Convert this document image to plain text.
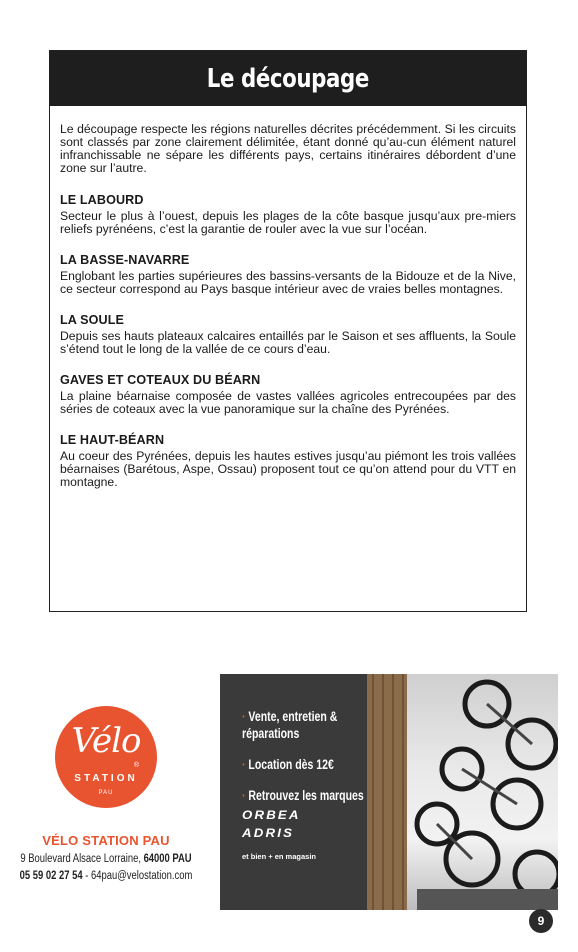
Le découpage

Le découpage respecte les régions naturelles décrites précédemment. Si les circuits sont classés par zone clairement délimitée, étant donné qu’au-cun élément naturel infranchissable ne sépare les différents pays, certains itinéraires débordent d’une zone sur l’autre.

LE LABOURD

Secteur le plus à l’ouest, depuis les plages de la côte basque jusqu’aux pre-miers reliefs pyrénéens, c’est la garantie de rouler avec la vue sur l’océan.

LA BASSE-NAVARRE

Englobant les parties supérieures des bassins-versants de la Bidouze et de la Nive, ce secteur correspond au Pays basque intérieur avec de vraies belles montagnes.

LA SOULE

Depuis ses hauts plateaux calcaires entaillés par le Saison et ses affluents, la Soule s’étend tout le long de la vallée de ce cours d’eau.

GAVES ET COTEAUX DU BÉARN

La plaine béarnaise composée de vastes vallées agricoles entrecoupées par des séries de coteaux avec la vue panoramique sur la chaîne des Pyrénées.

LE HAUT-BÉARN

Au coeur des Pyrénées, depuis les hautes estives jusqu’au piémont les trois vallées béarnaises (Barétous, Aspe, Ossau) proposent tout ce qu’on attend pour du VTT en montagne.

Vélo
®
STATION
PAU
VÉLO STATION PAU
9 Boulevard Alsace Lorraine, 64000 PAU
05 59 02 27 54 - 64pau@velostation.com
· Vente, entretien & réparations
· Location dès 12€
· Retrouvez les marques
ORBEA
ADRIS
et bien + en magasin
9
